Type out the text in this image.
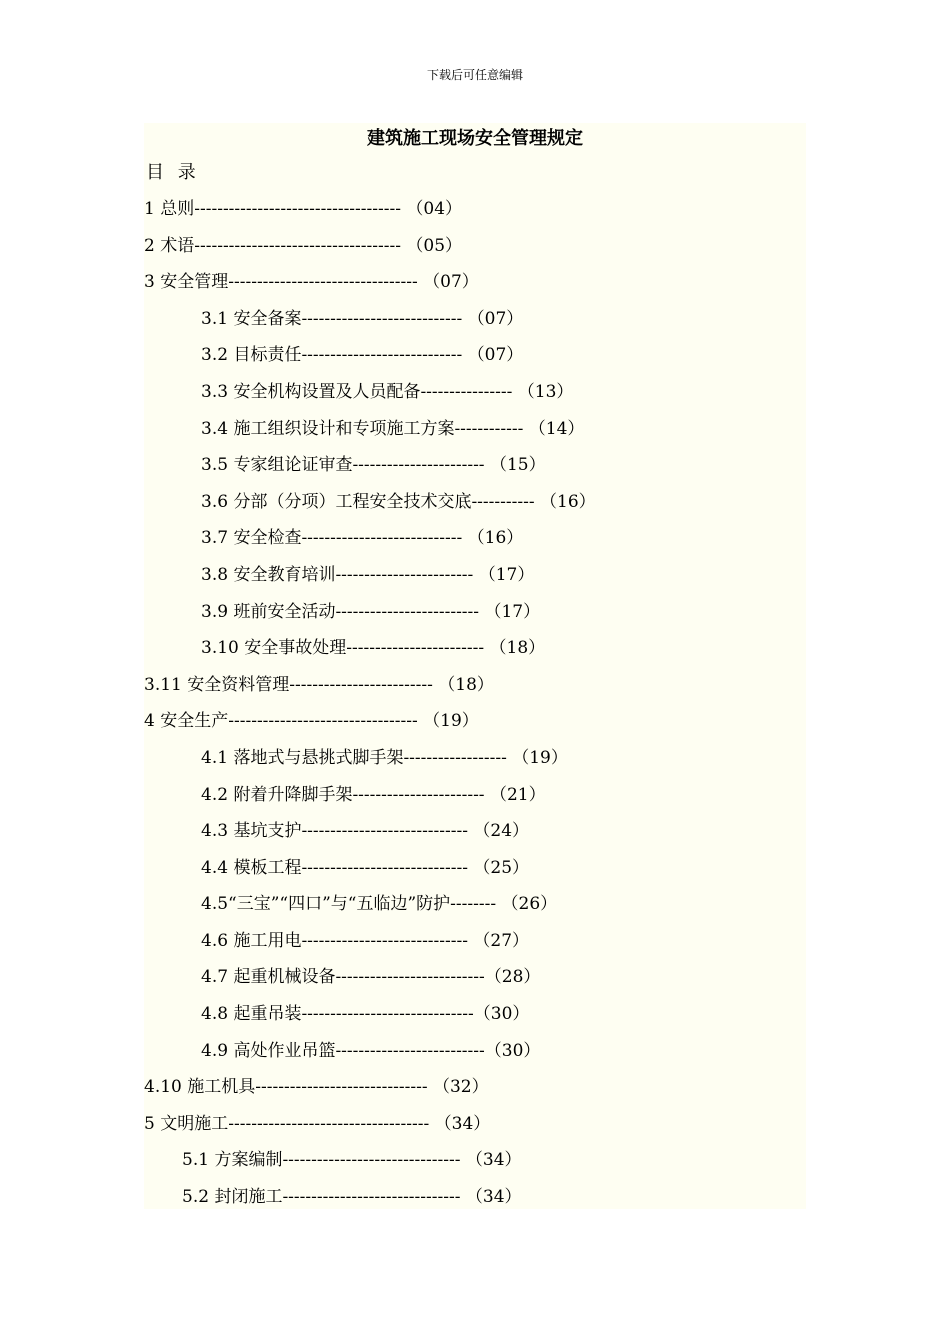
下载后可任意编辑
建筑施工现场安全管理规定
目 录
1 总则------------------------------------ （04）
2 术语------------------------------------ （05）
3 安全管理--------------------------------- （07）
3.1 安全备案---------------------------- （07）
3.2 目标责任---------------------------- （07）
3.3 安全机构设置及人员配备---------------- （13）
3.4 施工组织设计和专项施工方案------------ （14）
3.5 专家组论证审查----------------------- （15）
3.6 分部（分项）工程安全技术交底----------- （16）
3.7 安全检查---------------------------- （16）
3.8 安全教育培训------------------------ （17）
3.9 班前安全活动------------------------- （17）
3.10 安全事故处理------------------------ （18）
3.11 安全资料管理------------------------- （18）
4 安全生产--------------------------------- （19）
4.1 落地式与悬挑式脚手架------------------ （19）
4.2 附着升降脚手架----------------------- （21）
4.3 基坑支护----------------------------- （24）
4.4 模板工程----------------------------- （25）
4.5“三宝”“四口”与“五临边”防护-------- （26）
4.6 施工用电----------------------------- （27）
4.7 起重机械设备--------------------------（28）
4.8 起重吊装------------------------------（30）
4.9 高处作业吊篮--------------------------（30）
4.10 施工机具------------------------------ （32）
5 文明施工----------------------------------- （34）
5.1 方案编制------------------------------- （34）
5.2 封闭施工------------------------------- （34）
